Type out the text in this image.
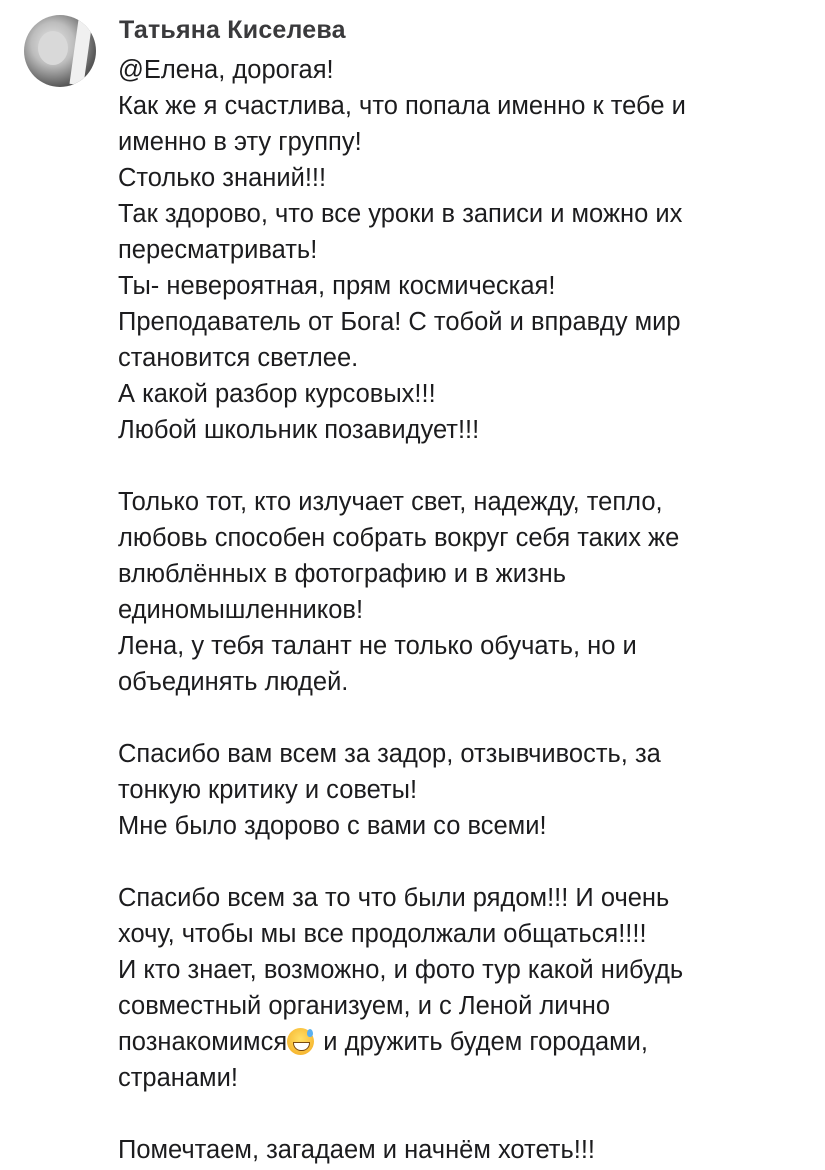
Татьяна Киселева
@Елена, дорогая!
Как же я счастлива, что попала именно к тебе и
именно в эту группу!
Столько знаний!!!
Так здорово, что все уроки в записи и можно их
пересматривать!
Ты- невероятная, прям космическая!
Преподаватель от Бога! С тобой и вправду мир
становится светлее.
А какой разбор курсовых!!!
Любой школьник позавидует!!!
Только тот, кто излучает свет, надежду, тепло,
любовь способен собрать вокруг себя таких же
влюблённых в фотографию и в жизнь
единомышленников!
Лена, у тебя талант не только обучать, но и
объединять людей.
Спасибо вам всем за задор, отзывчивость, за
тонкую критику и советы!
Мне было здорово с вами со всеми!
Спасибо всем за то что были рядом!!! И очень
хочу, чтобы мы все продолжали общаться!!!!
И кто знает, возможно, и фото тур какой нибудь
совместный организуем, и с Леной лично
познакомимся и дружить будем городами,
странами!
Помечтаем, загадаем и начнём хотеть!!!
